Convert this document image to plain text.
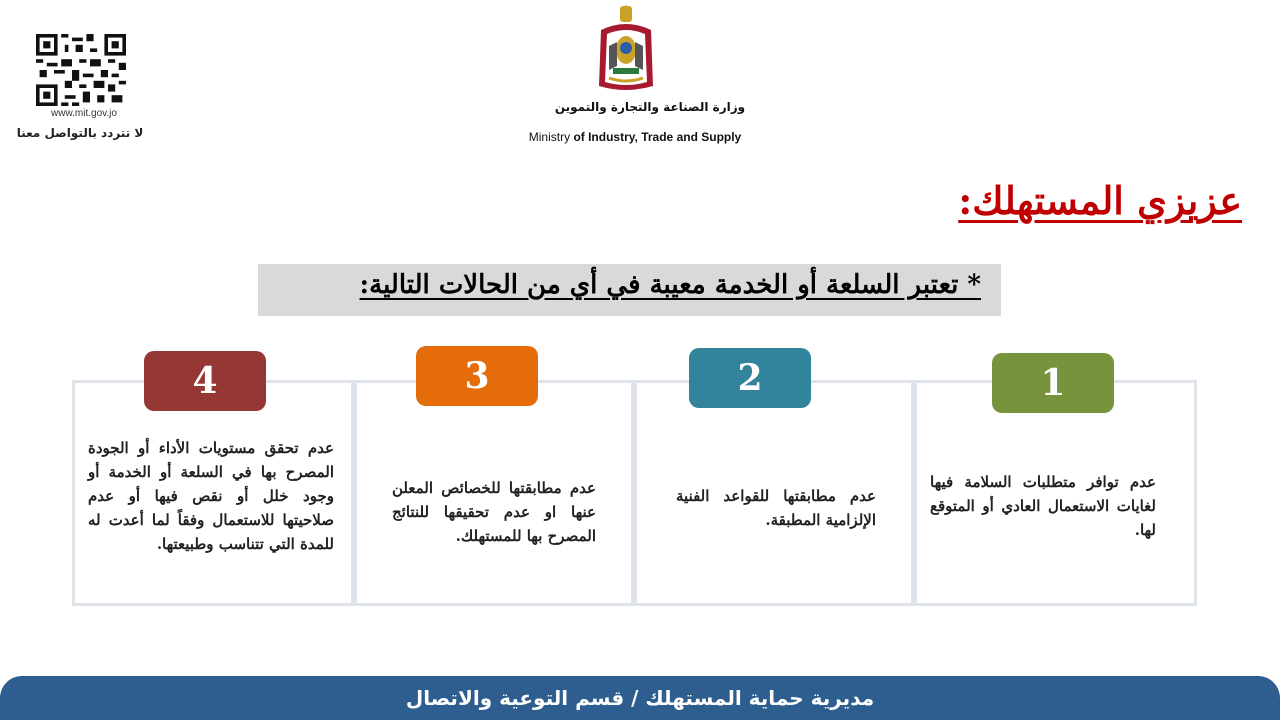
www.mit.gov.jo
لا تتردد بالتواصل معنا
وزارة الصناعة والتجارة والتموين
Ministry of Industry, Trade and Supply
عزيزي المستهلك:
* تعتبر السلعة أو الخدمة معيبة في أي من الحالات التالية:
4	3	2	1
عدم تحقق مستويات الأداء أو الجودة المصرح بها في السلعة أو الخدمة أو وجود خلل أو نقص فيها أو عدم صلاحيتها للاستعمال وفقاً لما أعدت له للمدة التي تتناسب وطبيعتها.
عدم مطابقتها للخصائص المعلن عنها او عدم تحقيقها للنتائج المصرح بها للمستهلك.
عدم مطابقتها للقواعد الفنية الإلزامية المطبقة.
عدم توافر متطلبات السلامة فيها لغايات الاستعمال العادي أو المتوقع لها.
مديرية حماية المستهلك / قسم التوعية والاتصال
